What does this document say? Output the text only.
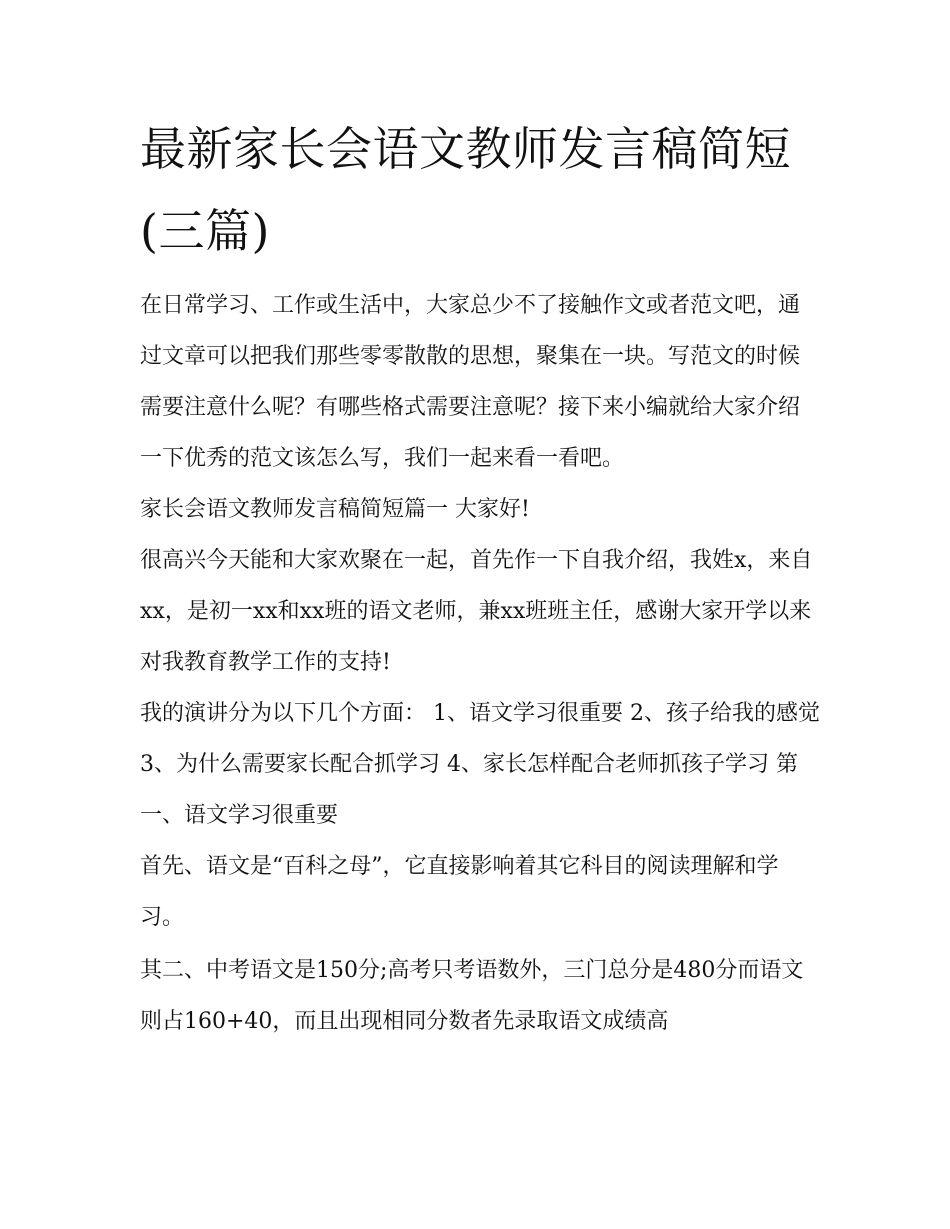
最新家长会语文教师发言稿简短(三篇)

在日常学习、工作或生活中，大家总少不了接触作文或者范文吧，通过文章可以把我们那些零零散散的思想，聚集在一块。写范文的时候需要注意什么呢？有哪些格式需要注意呢？接下来小编就给大家介绍一下优秀的范文该怎么写，我们一起来看一看吧。

家长会语文教师发言稿简短篇一 大家好!

很高兴今天能和大家欢聚在一起，首先作一下自我介绍，我姓x，来自xx，是初一xx和xx班的语文老师，兼xx班班主任，感谢大家开学以来对我教育教学工作的支持!

我的演讲分为以下几个方面： 1、语文学习很重要 2、孩子给我的感觉 3、为什么需要家长配合抓学习 4、家长怎样配合老师抓孩子学习 第一、语文学习很重要

首先、语文是“百科之母”，它直接影响着其它科目的阅读理解和学习。

其二、中考语文是150分;高考只考语数外，三门总分是480分而语文则占160+40，而且出现相同分数者先录取语文成绩高
